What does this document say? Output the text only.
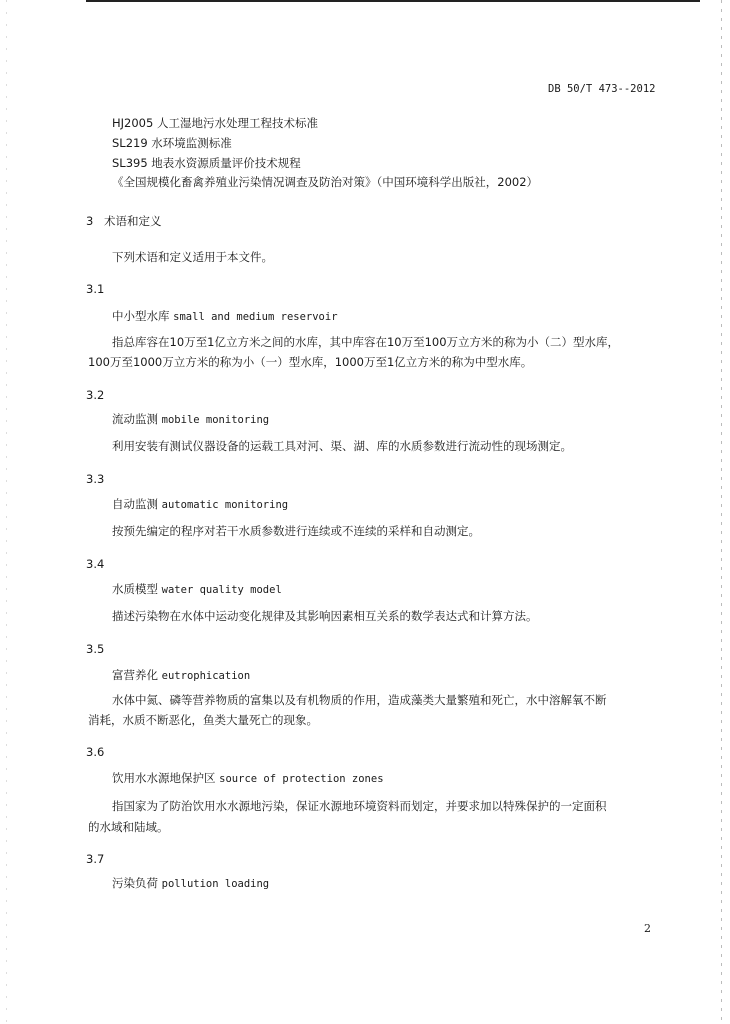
DB 50/T 473--2012
HJ2005 人工湿地污水处理工程技术标准
SL219 水环境监测标准
SL395 地表水资源质量评价技术规程
《全国规模化畜禽养殖业污染情况调查及防治对策》（中国环境科学出版社，2002）
3 术语和定义
下列术语和定义适用于本文件。
3.1
中小型水库 small and medium reservoir
指总库容在10万至1亿立方米之间的水库，其中库容在10万至100万立方米的称为小（二）型水库，
100万至1000万立方米的称为小（一）型水库，1000万至1亿立方米的称为中型水库。
3.2
流动监测 mobile monitoring
利用安装有测试仪器设备的运载工具对河、渠、湖、库的水质参数进行流动性的现场测定。
3.3
自动监测 automatic monitoring
按预先编定的程序对若干水质参数进行连续或不连续的采样和自动测定。
3.4
水质模型 water quality model
描述污染物在水体中运动变化规律及其影响因素相互关系的数学表达式和计算方法。
3.5
富营养化 eutrophication
水体中氮、磷等营养物质的富集以及有机物质的作用，造成藻类大量繁殖和死亡，水中溶解氧不断
消耗，水质不断恶化，鱼类大量死亡的现象。
3.6
饮用水水源地保护区 source of protection zones
指国家为了防治饮用水水源地污染，保证水源地环境资料而划定，并要求加以特殊保护的一定面积
的水域和陆域。
3.7
污染负荷 pollution loading
2
